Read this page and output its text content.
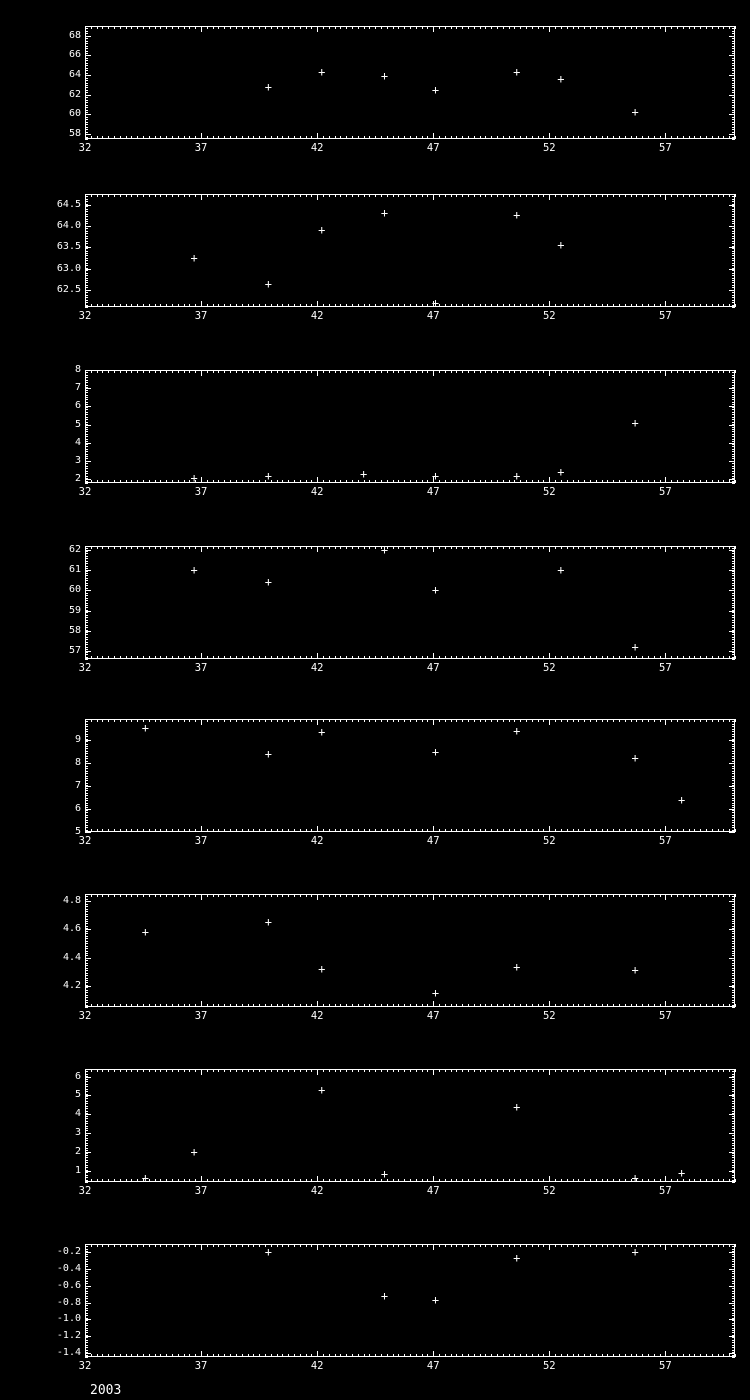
32	37	42	47	52	57
58
60
62
64
66
68
+
+
+
+
+
+
+
32	37	42	47	52	57
62.5
63.0
63.5
64.0
64.5
+
+
+
+
+
+
+
32	37	42	47	52	57
2
3
4
5
6
7
8
+
+
+
+
+
+
+
32	37	42	47	52	57
57
58
59
60
61
62
+
+
+
+
+
+
32	37	42	47	52	57
5
6
7
8
9
+
+
+
+
+
+
+
32	37	42	47	52	57
4.2
4.4
4.6
4.8
+
+
+
+
+
+
32	37	42	47	52	57
1
2
3
4
5
6
+
+
+
+
+
+
+
32	37	42	47	52	57
-0.2
-0.4
-0.6
-0.8
-1.0
-1.2
-1.4
+
+
+
+
+
2003
